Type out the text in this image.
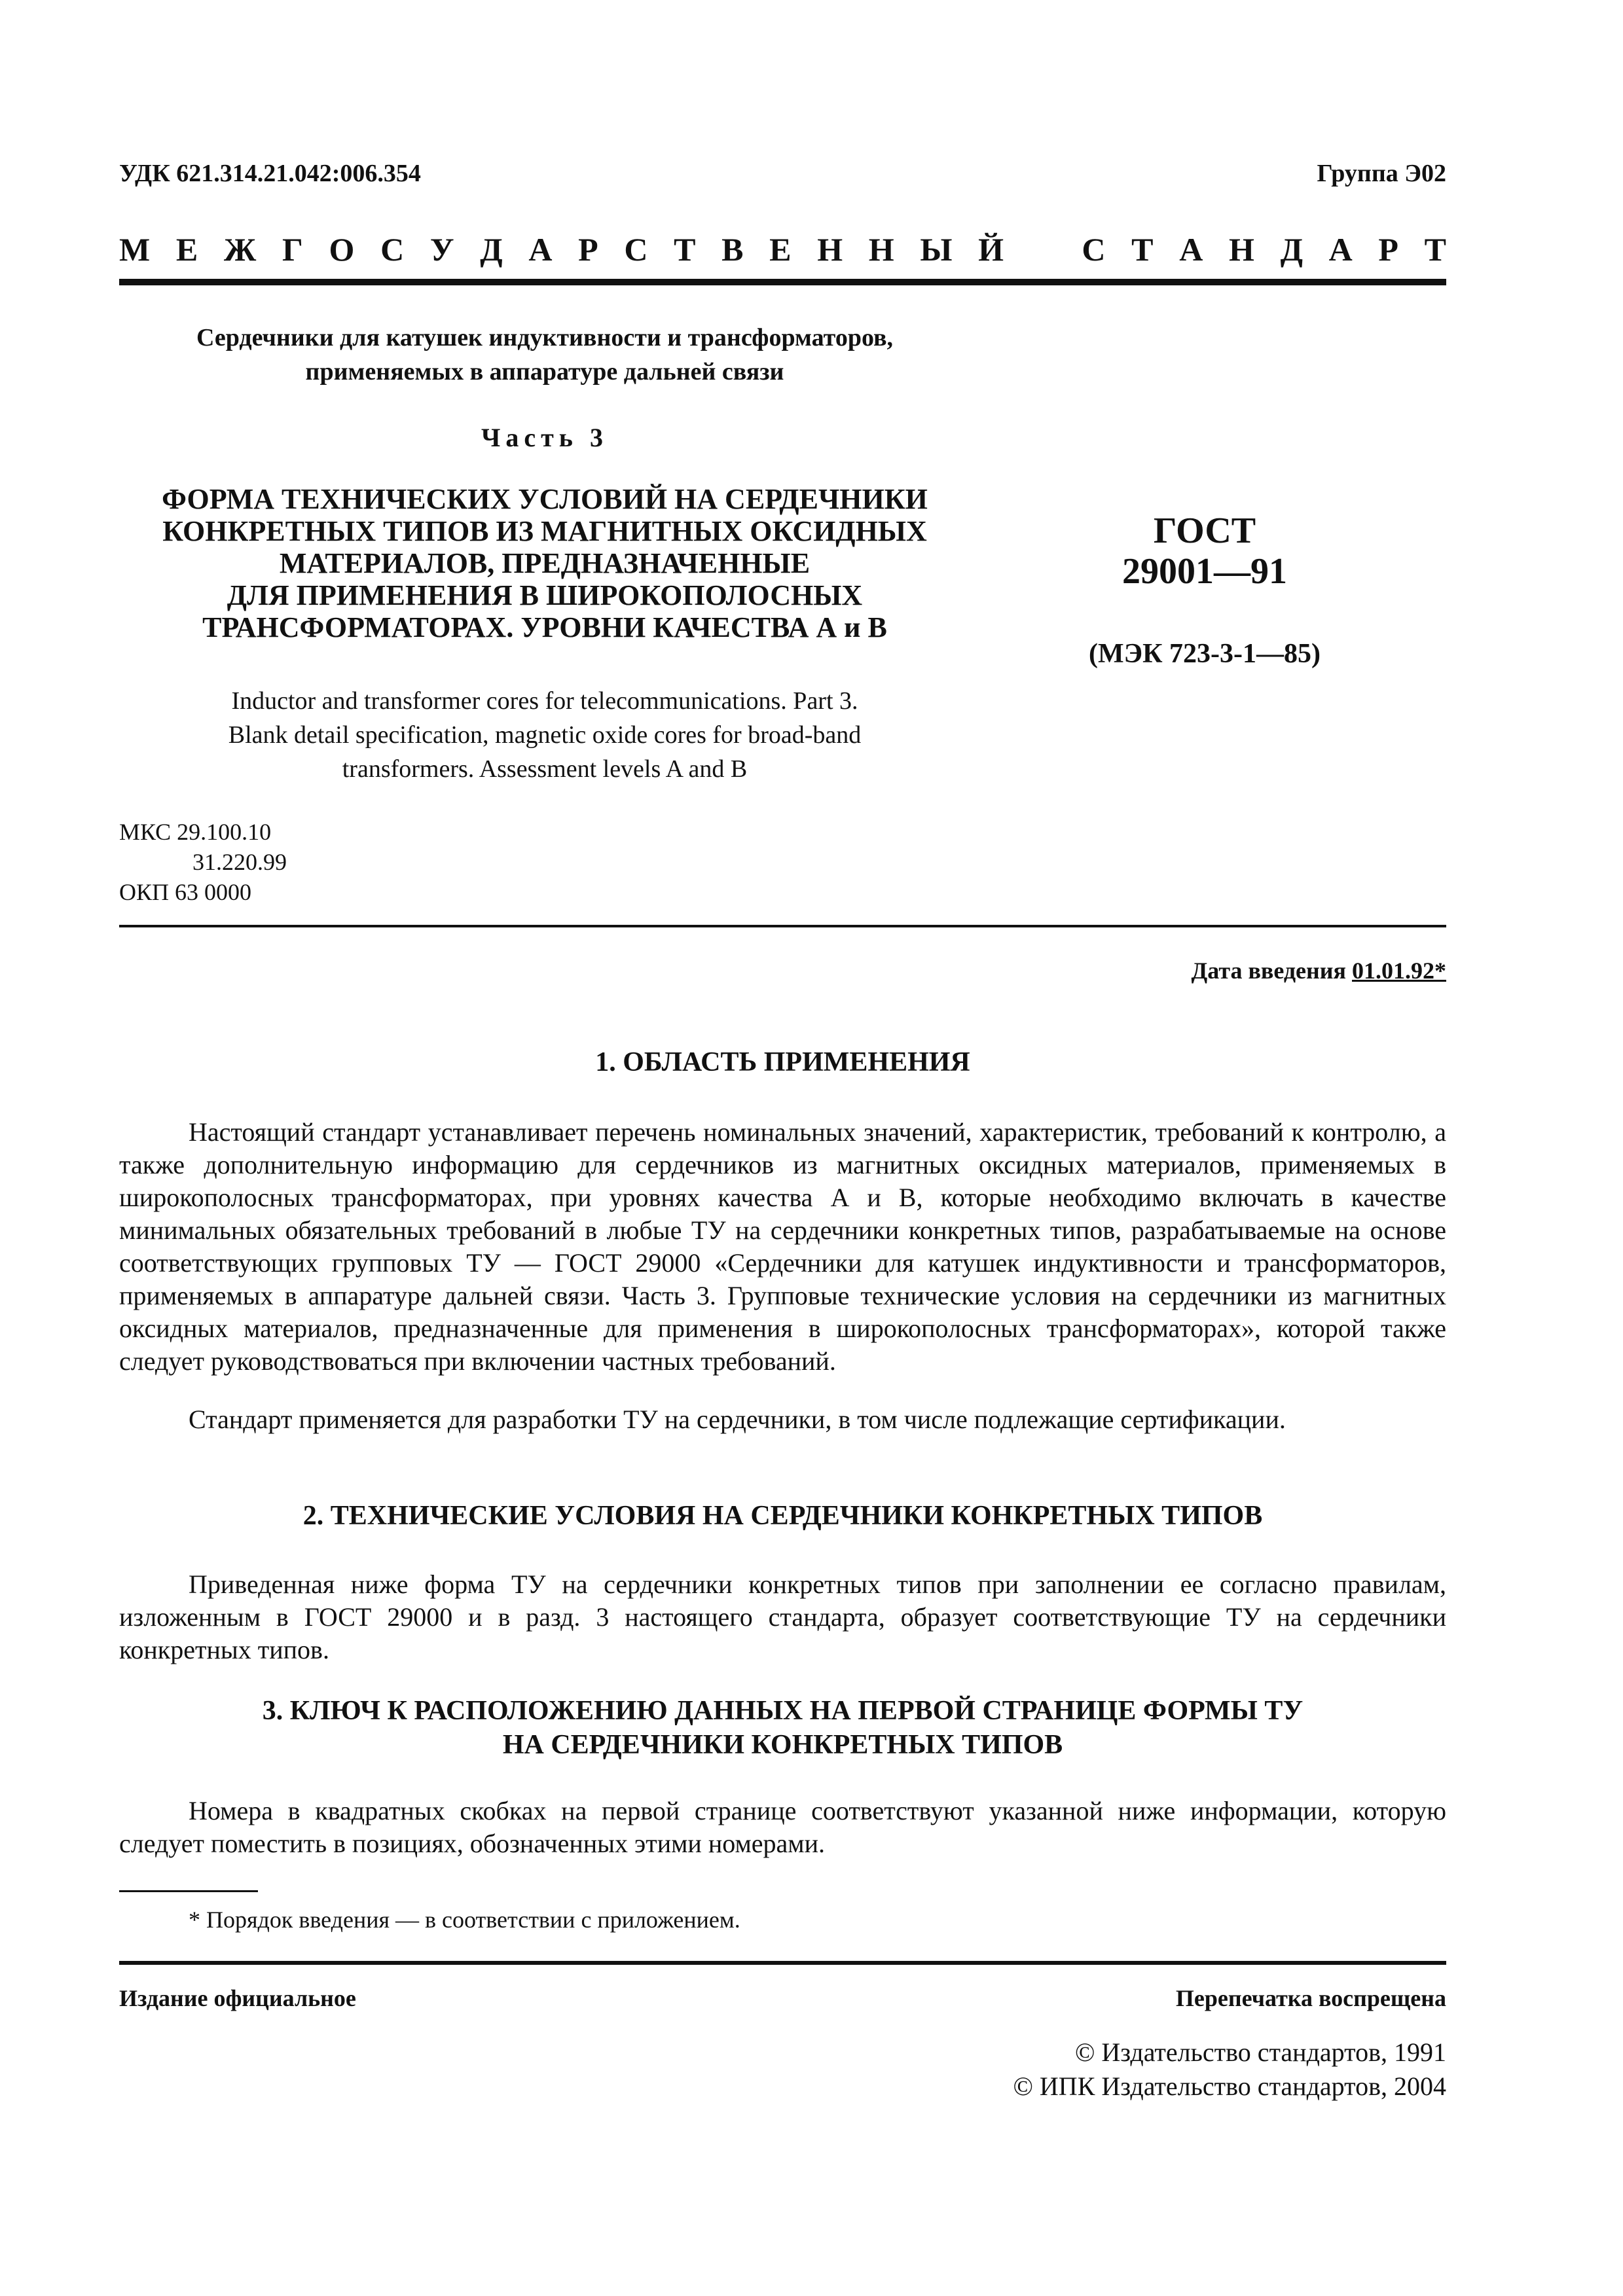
УДК 621.314.21.042:006.354	Группа Э02
М Е Ж Г О С У Д А Р С Т В Е Н Н Ы Й С Т А Н Д А Р Т
Сердечники для катушек индуктивности и трансформаторов,
применяемых в аппаратуре дальней связи
Часть 3
ФОРМА ТЕХНИЧЕСКИХ УСЛОВИЙ НА СЕРДЕЧНИКИ
КОНКРЕТНЫХ ТИПОВ ИЗ МАГНИТНЫХ ОКСИДНЫХ
МАТЕРИАЛОВ, ПРЕДНАЗНАЧЕННЫЕ
ДЛЯ ПРИМЕНЕНИЯ В ШИРОКОПОЛОСНЫХ
ТРАНСФОРМАТОРАХ. УРОВНИ КАЧЕСТВА А и В
ГОСТ
29001—91
(МЭК 723-3-1—85)
Inductor and transformer cores for telecommunications. Part 3.
Blank detail specification, magnetic oxide cores for broad-band
transformers. Assessment levels A and B
МКС 29.100.10
31.220.99
ОКП 63 0000
Дата введения 01.01.92*
1. ОБЛАСТЬ ПРИМЕНЕНИЯ
Настоящий стандарт устанавливает перечень номинальных значений, характеристик, требований к контролю, а также дополнительную информацию для сердечников из магнитных оксидных материалов, применяемых в широкополосных трансформаторах, при уровнях качества А и В, которые необходимо включать в качестве минимальных обязательных требований в любые ТУ на сердечники конкретных типов, разрабатываемые на основе соответствующих групповых ТУ — ГОСТ 29000 «Сердечники для катушек индуктивности и трансформаторов, применяемых в аппаратуре дальней связи. Часть 3. Групповые технические условия на сердечники из магнитных оксидных материалов, предназначенные для применения в широкополосных трансформаторах», которой также следует руководствоваться при включении частных требований.
Стандарт применяется для разработки ТУ на сердечники, в том числе подлежащие сертификации.
2. ТЕХНИЧЕСКИЕ УСЛОВИЯ НА СЕРДЕЧНИКИ КОНКРЕТНЫХ ТИПОВ
Приведенная ниже форма ТУ на сердечники конкретных типов при заполнении ее согласно правилам, изложенным в ГОСТ 29000 и в разд. 3 настоящего стандарта, образует соответствующие ТУ на сердечники конкретных типов.
3. КЛЮЧ К РАСПОЛОЖЕНИЮ ДАННЫХ НА ПЕРВОЙ СТРАНИЦЕ ФОРМЫ ТУ
НА СЕРДЕЧНИКИ КОНКРЕТНЫХ ТИПОВ
Номера в квадратных скобках на первой странице соответствуют указанной ниже информации, которую следует поместить в позициях, обозначенных этими номерами.
* Порядок введения — в соответствии с приложением.
Издание официальное	Перепечатка воспрещена
© Издательство стандартов, 1991
© ИПК Издательство стандартов, 2004
